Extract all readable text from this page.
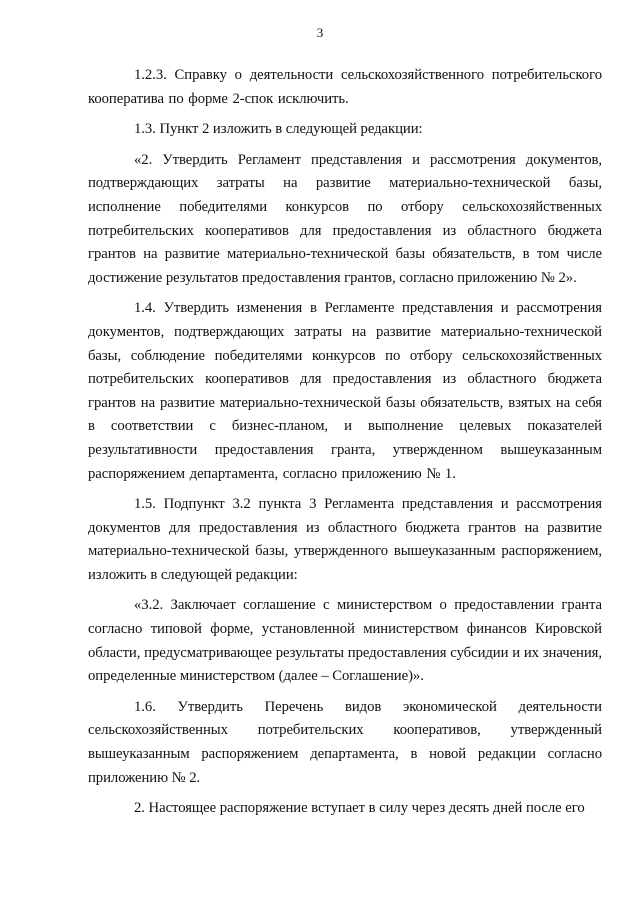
3

1.2.3. Справку о деятельности сельскохозяйственного потребительского кооператива по форме 2-спок исключить.

1.3. Пункт 2 изложить в следующей редакции:

«2. Утвердить Регламент представления и рассмотрения документов, подтверждающих затраты на развитие материально-технической базы, исполнение победителями конкурсов по отбору сельскохозяйственных потребительских кооперативов для предоставления из областного бюджета грантов на развитие материально-технической базы обязательств, в том числе достижение результатов предоставления грантов, согласно приложению № 2».

1.4. Утвердить изменения в Регламенте представления и рассмотрения документов, подтверждающих затраты на развитие материально-технической базы, соблюдение победителями конкурсов по отбору сельскохозяйственных потребительских кооперативов для предоставления из областного бюджета грантов на развитие материально-технической базы обязательств, взятых на себя в соответствии с бизнес-планом, и выполнение целевых показателей результативности предоставления гранта, утвержденном вышеуказанным распоряжением департамента, согласно приложению № 1.

1.5. Подпункт 3.2 пункта 3 Регламента представления и рассмотрения документов для предоставления из областного бюджета грантов на развитие материально-технической базы, утвержденного вышеуказанным распоряжением, изложить в следующей редакции:

«3.2. Заключает соглашение с министерством о предоставлении гранта согласно типовой форме, установленной министерством финансов Кировской области, предусматривающее результаты предоставления субсидии и их значения, определенные министерством (далее – Соглашение)».

1.6. Утвердить Перечень видов экономической деятельности сельскохозяйственных потребительских кооперативов, утвержденный вышеуказанным распоряжением департамента, в новой редакции согласно приложению № 2.

2. Настоящее распоряжение вступает в силу через десять дней после его
